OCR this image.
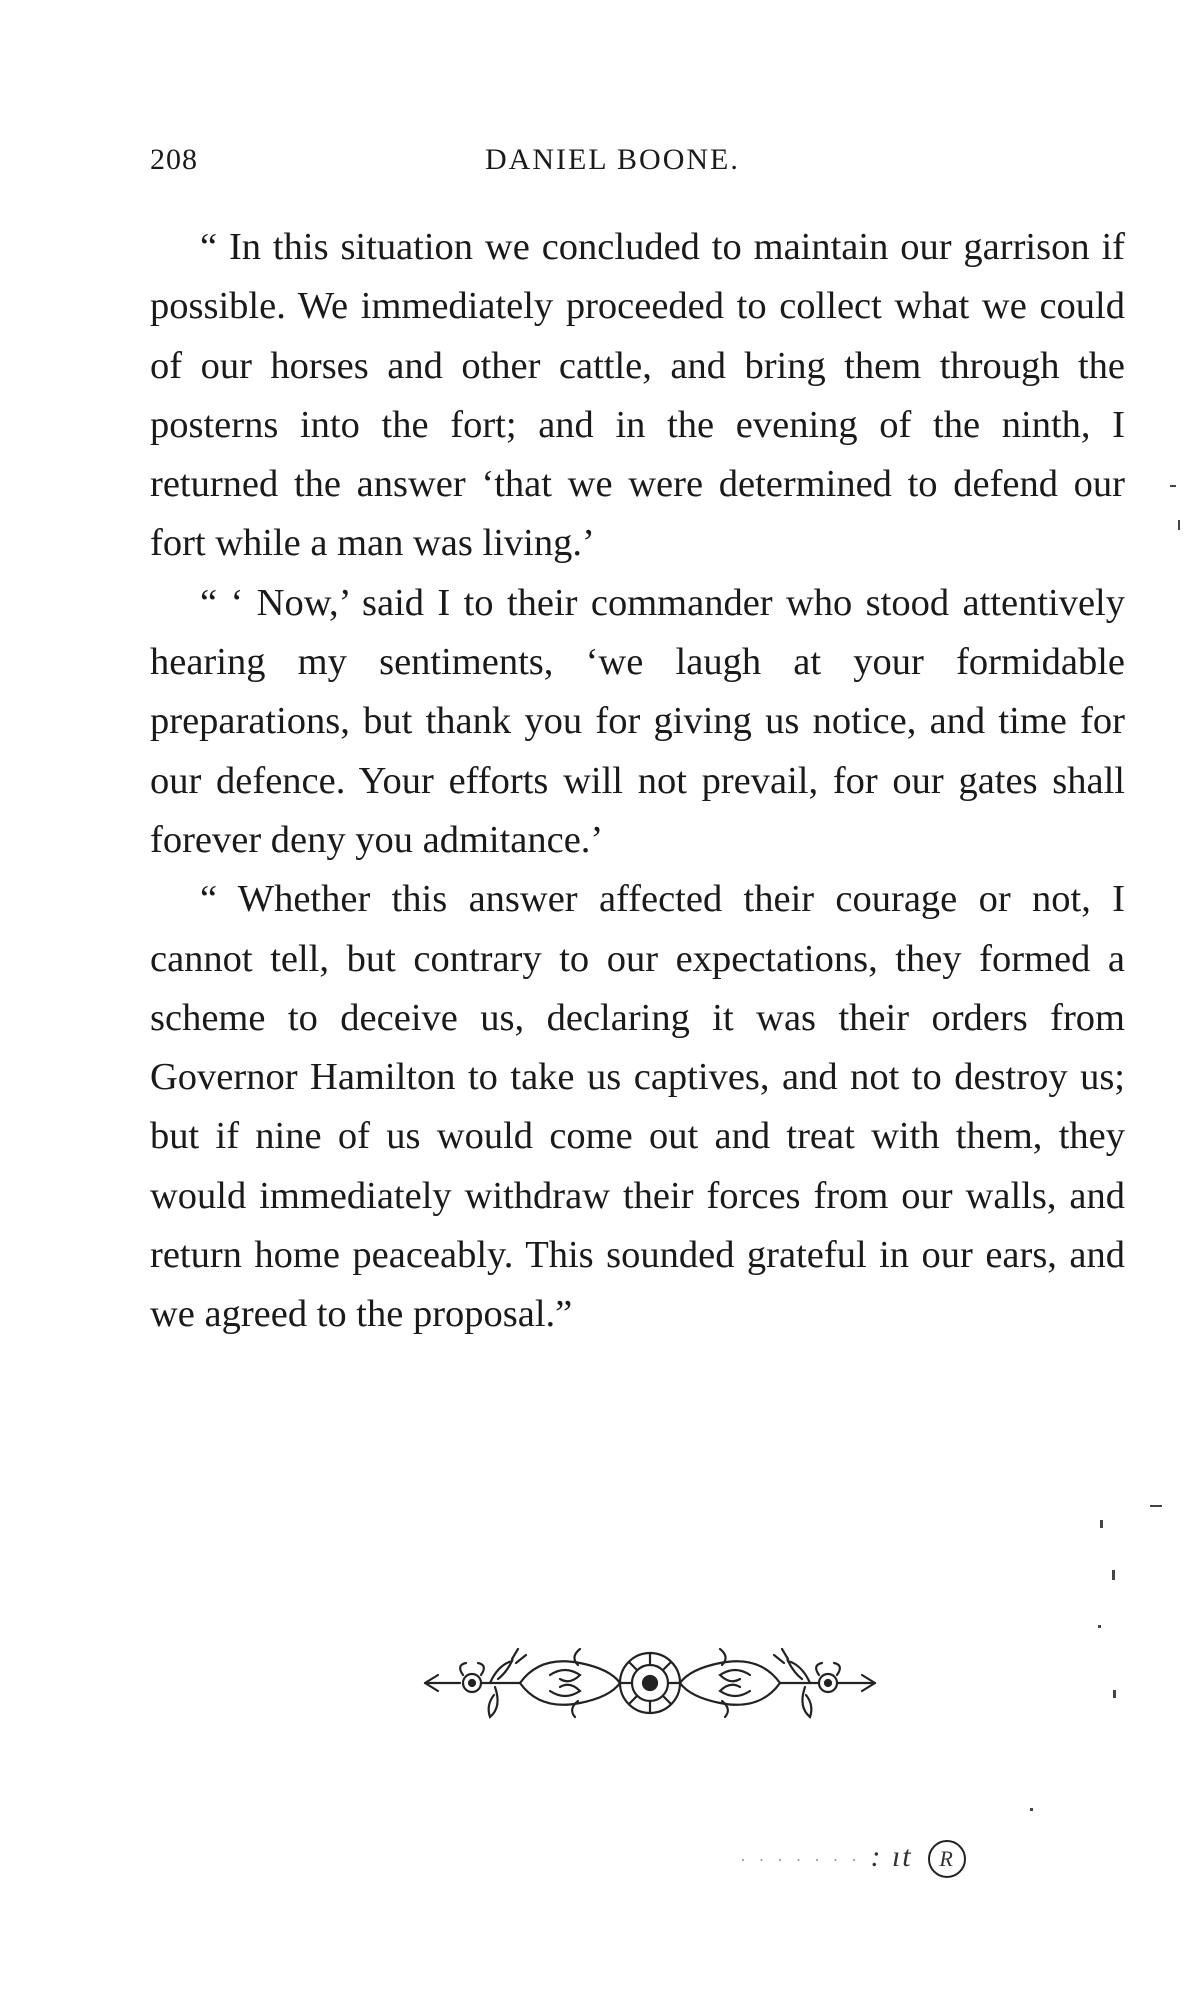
208	DANIEL BOONE.

“ In this situation we concluded to maintain our garrison if possible. We immediately proceeded to collect what we could of our horses and other cattle, and bring them through the posterns into the fort; and in the evening of the ninth, I returned the answer ‘that we were determined to defend our fort while a man was living.’

“ ‘ Now,’ said I to their commander who stood attentively hearing my sentiments, ‘we laugh at your formidable preparations, but thank you for giving us notice, and time for our defence. Your efforts will not prevail, for our gates shall forever deny you admitance.’

“ Whether this answer affected their courage or not, I cannot tell, but contrary to our expectations, they formed a scheme to deceive us, declaring it was their orders from Governor Hamilton to take us captives, and not to destroy us; but if nine of us would come out and treat with them, they would immediately withdraw their forces from our walls, and return home peaceably. This sounded grateful in our ears, and we agreed to the proposal.”

· · · · · · · : ıt R
